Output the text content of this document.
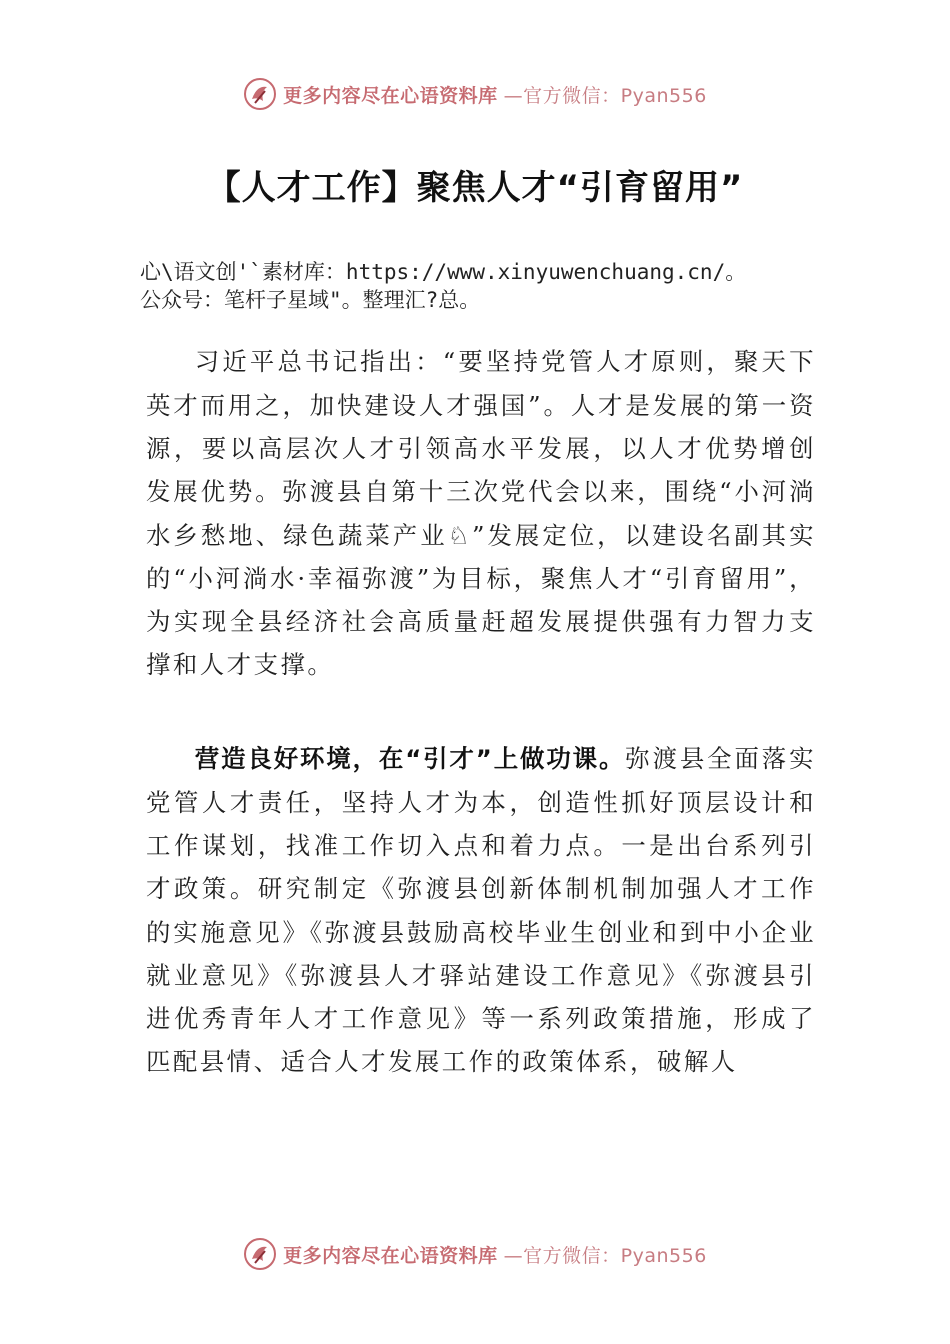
更多内容尽在心语资料库 —官方微信：Pyan556
【人才工作】聚焦人才“引育留用”
心\语文创'`素材库：https://www.xinyuwenchuang.cn/。
公众号：笔杆子星域"。整理汇?总。

习近平总书记指出：“要坚持党管人才原则，聚天下英才而用之，加快建设人才强国”。人才是发展的第一资源，要以高层次人才引领高水平发展，以人才优势增创发展优势。弥渡县自第十三次党代会以来，围绕“小河淌水乡愁地、绿色蔬菜产业♘”发展定位，以建设名副其实的“小河淌水·幸福弥渡”为目标，聚焦人才“引育留用”，为实现全县经济社会高质量赶超发展提供强有力智力支撑和人才支撑。

营造良好环境，在“引才”上做功课。弥渡县全面落实党管人才责任，坚持人才为本，创造性抓好顶层设计和工作谋划，找准工作切入点和着力点。一是出台系列引才政策。研究制定《弥渡县创新体制机制加强人才工作的实施意见》《弥渡县鼓励高校毕业生创业和到中小企业就业意见》《弥渡县人才驿站建设工作意见》《弥渡县引进优秀青年人才工作意见》等一系列政策措施，形成了匹配县情、适合人才发展工作的政策体系，破解人

更多内容尽在心语资料库 —官方微信：Pyan556
